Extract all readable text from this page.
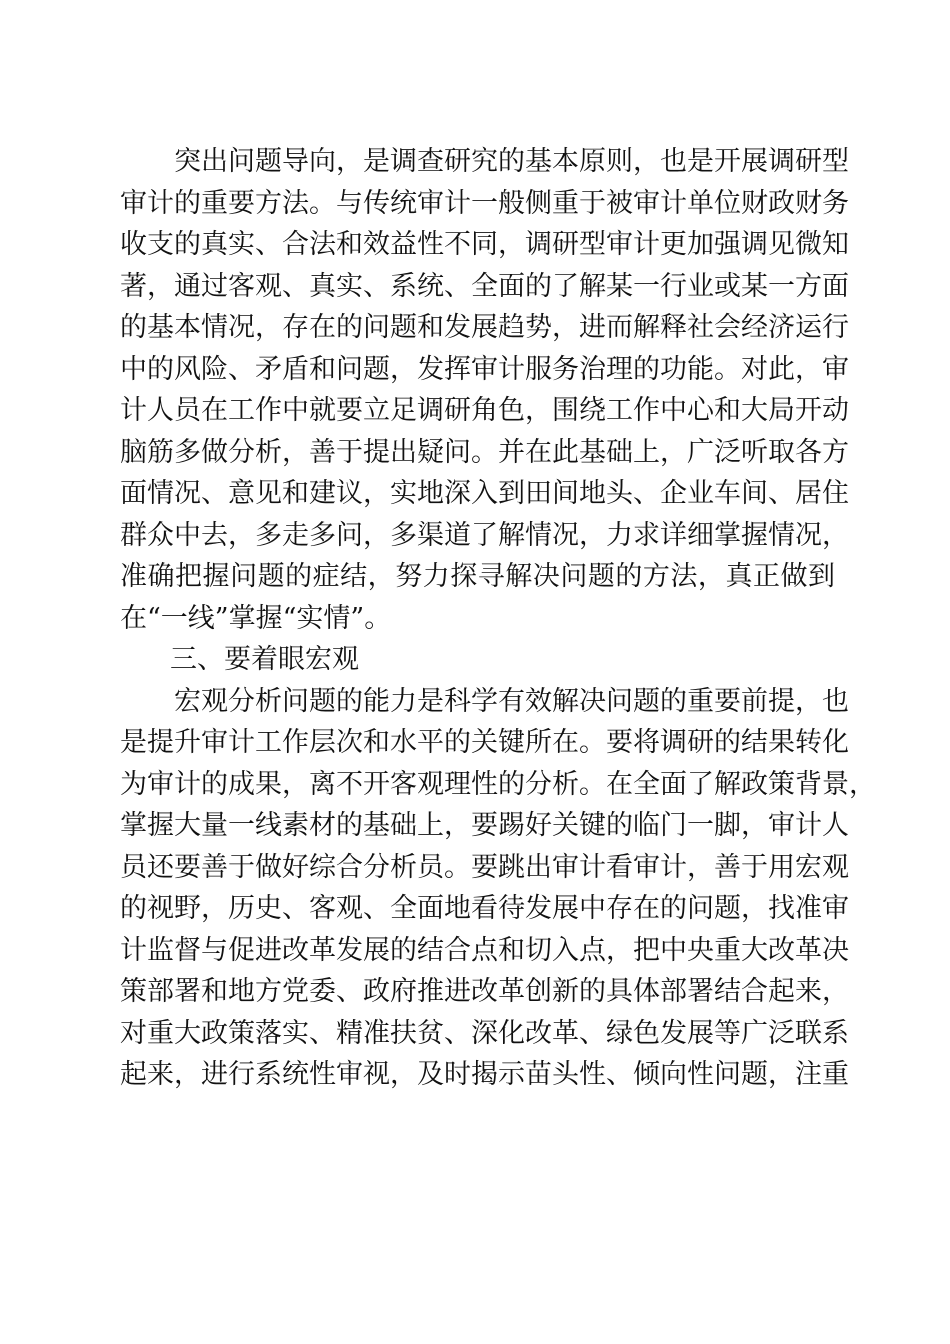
突出问题导向，是调查研究的基本原则，也是开展调研型
审计的重要方法。与传统审计一般侧重于被审计单位财政财务
收支的真实、合法和效益性不同，调研型审计更加强调见微知
著，通过客观、真实、系统、全面的了解某一行业或某一方面
的基本情况，存在的问题和发展趋势，进而解释社会经济运行
中的风险、矛盾和问题，发挥审计服务治理的功能。对此，审
计人员在工作中就要立足调研角色，围绕工作中心和大局开动
脑筋多做分析，善于提出疑问。并在此基础上，广泛听取各方
面情况、意见和建议，实地深入到田间地头、企业车间、居住
群众中去，多走多问，多渠道了解情况，力求详细掌握情况，
准确把握问题的症结，努力探寻解决问题的方法，真正做到
在“一线”掌握“实情”。
三、要着眼宏观
宏观分析问题的能力是科学有效解决问题的重要前提，也
是提升审计工作层次和水平的关键所在。要将调研的结果转化
为审计的成果，离不开客观理性的分析。在全面了解政策背景，
掌握大量一线素材的基础上，要踢好关键的临门一脚，审计人
员还要善于做好综合分析员。要跳出审计看审计，善于用宏观
的视野，历史、客观、全面地看待发展中存在的问题，找准审
计监督与促进改革发展的结合点和切入点，把中央重大改革决
策部署和地方党委、政府推进改革创新的具体部署结合起来，
对重大政策落实、精准扶贫、深化改革、绿色发展等广泛联系
起来，进行系统性审视，及时揭示苗头性、倾向性问题，注重
